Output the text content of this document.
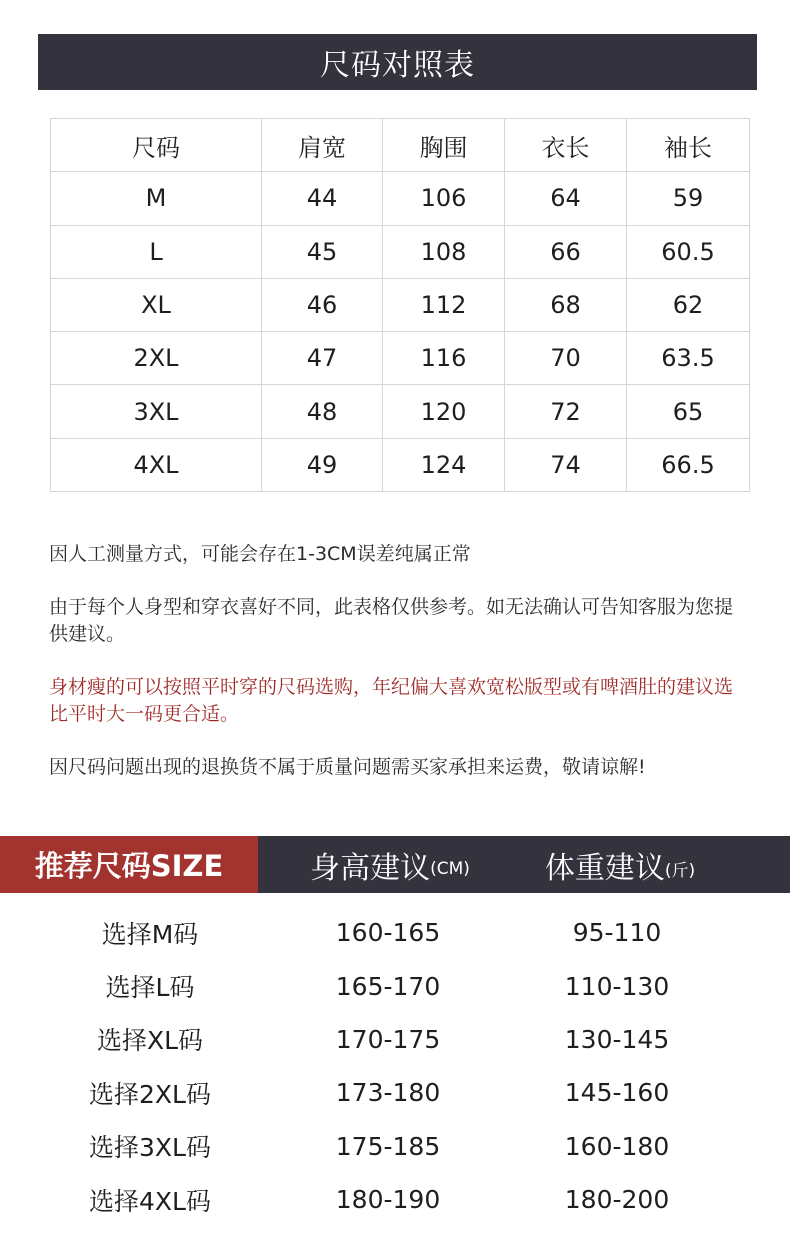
尺码对照表
尺码	肩宽	胸围	衣长	袖长
M	44	106	64	59
L	45	108	66	60.5
XL	46	112	68	62
2XL	47	116	70	63.5
3XL	48	120	72	65
4XL	49	124	74	66.5
因人工测量方式，可能会存在1-3CM误差纯属正常
由于每个人身型和穿衣喜好不同，此表格仅供参考。如无法确认可告知客服为您提供建议。
身材瘦的可以按照平时穿的尺码选购，年纪偏大喜欢宽松版型或有啤酒肚的建议选比平时大一码更合适。
因尺码问题出现的退换货不属于质量问题需买家承担来运费，敬请谅解!
推荐尺码SIZE	身高建议 (CM) 体重建议 (斤)
选择M码	160-165	95-110
选择L码	165-170	110-130
选择XL码	170-175	130-145
选择2XL码	173-180	145-160
选择3XL码	175-185	160-180
选择4XL码	180-190	180-200
